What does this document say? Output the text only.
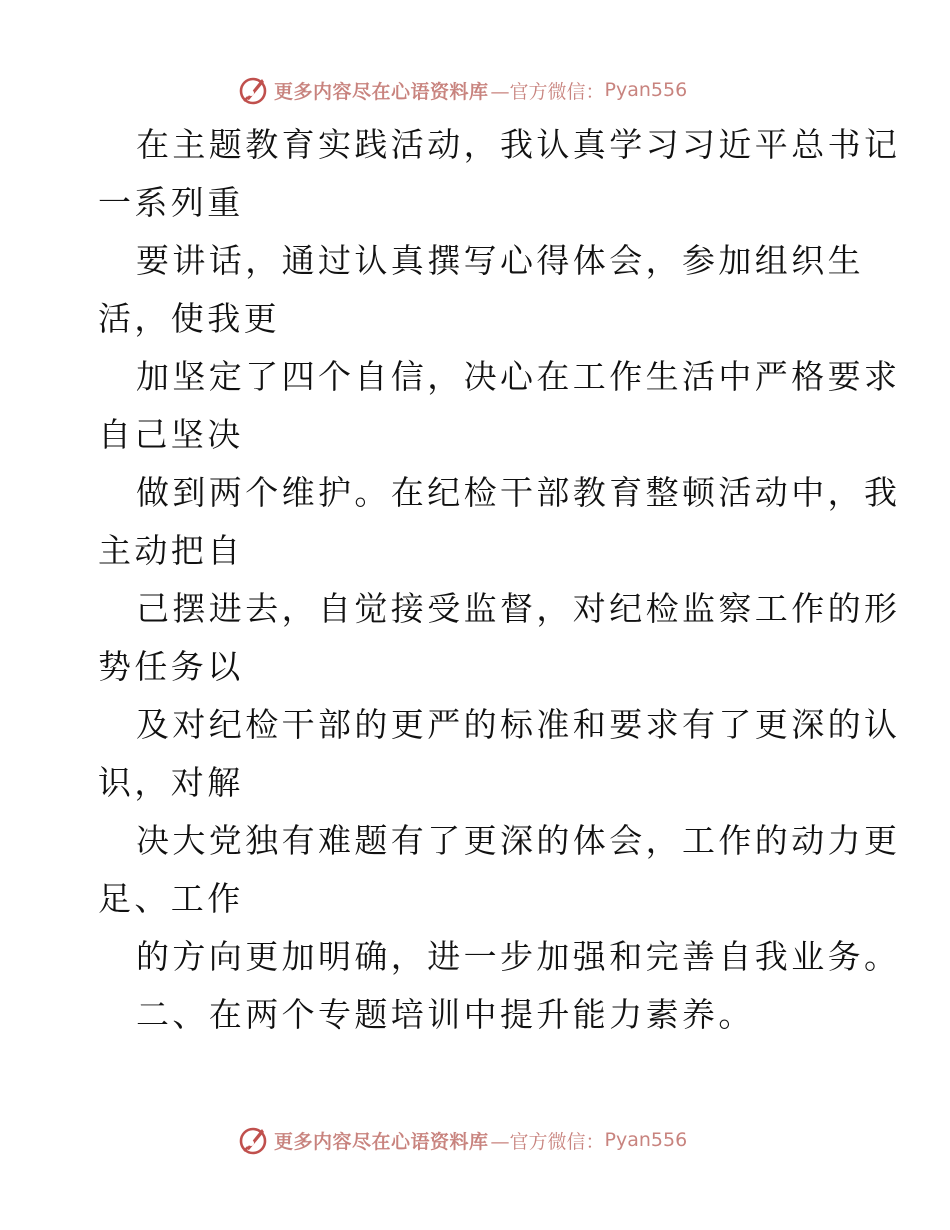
更多内容尽在心语资料库 —官方微信： Pyan556
在主题教育实践活动，我认真学习习近平总书记
一系列重
要讲话，通过认真撰写心得体会，参加组织生
活，使我更
加坚定了四个自信，决心在工作生活中严格要求
自己坚决
做到两个维护。在纪检干部教育整顿活动中，我
主动把自
己摆进去，自觉接受监督，对纪检监察工作的形
势任务以
及对纪检干部的更严的标准和要求有了更深的认
识，对解
决大党独有难题有了更深的体会，工作的动力更
足、工作
的方向更加明确，进一步加强和完善自我业务。
二、在两个专题培训中提升能力素养。
更多内容尽在心语资料库 —官方微信： Pyan556
